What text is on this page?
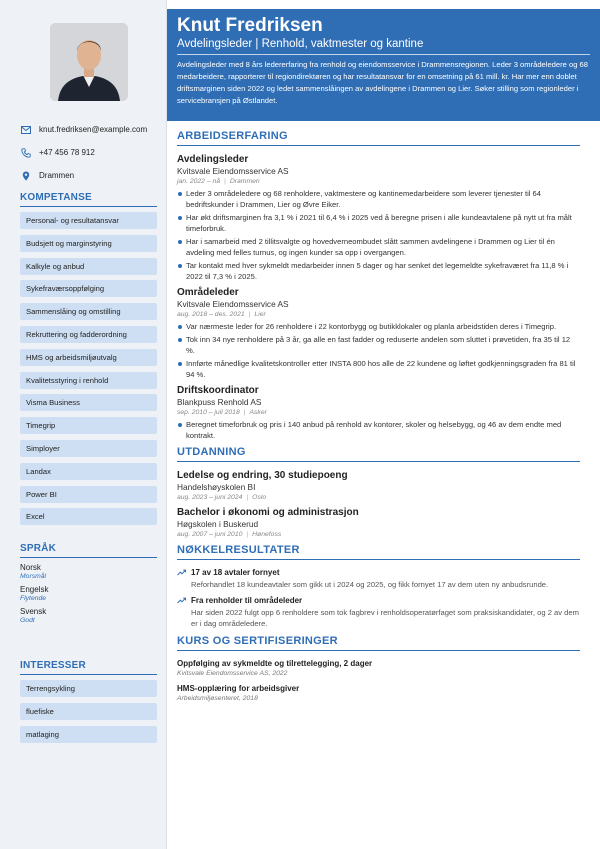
knut.fredriksen@example.com
+47 456 78 912
Drammen
KOMPETANSE
Personal- og resultatansvar
Budsjett og marginstyring
Kalkyle og anbud
Sykefraværsoppfølging
Sammenslåing og omstilling
Rekruttering og fadderordning
HMS og arbeidsmiljøutvalg
Kvalitetsstyring i renhold
Visma Business
Timegrip
Simployer
Landax
Power BI
Excel
SPRÅK
Norsk
Morsmål
Engelsk
Flytende
Svensk
Godt
INTERESSER
Terrengsykling
fluefiske
matlaging
Knut Fredriksen
Avdelingsleder | Renhold, vaktmester og kantine
Avdelingsleder med 8 års ledererfaring fra renhold og eiendomsservice i Drammensregionen. Leder 3 områdeledere og 68 medarbeidere, rapporterer til regiondirektøren og har resultatansvar for en omsetning på 61 mill. kr. Har mer enn doblet driftsmarginen siden 2022 og ledet sammenslåingen av avdelingene i Drammen og Lier. Søker stilling som regionleder i servicebransjen på Østlandet.
ARBEIDSERFARING
Avdelingsleder
Kvitsvale Eiendomsservice AS
jan. 2022 – nå | Drammen
Leder 3 områdeledere og 68 renholdere, vaktmestere og kantinemedarbeidere som leverer tjenester til 64 bedriftskunder i Drammen, Lier og Øvre Eiker.
Har økt driftsmarginen fra 3,1 % i 2021 til 6,4 % i 2025 ved å beregne prisen i alle kundeavtalene på nytt ut fra målt timeforbruk.
Har i samarbeid med 2 tillitsvalgte og hovedverneombudet slått sammen avdelingene i Drammen og Lier til én avdeling med felles turnus, og ingen kunder sa opp i overgangen.
Tar kontakt med hver sykmeldt medarbeider innen 5 dager og har senket det legemeldte sykefraværet fra 11,8 % i 2022 til 7,3 % i 2025.
Områdeleder
Kvitsvale Eiendomsservice AS
aug. 2018 – des. 2021 | Lier
Var nærmeste leder for 26 renholdere i 22 kontorbygg og butikklokaler og planla arbeidstiden deres i Timegrip.
Tok inn 34 nye renholdere på 3 år, ga alle en fast fadder og reduserte andelen som sluttet i prøvetiden, fra 35 til 12 %.
Innførte månedlige kvalitetskontroller etter INSTA 800 hos alle de 22 kundene og løftet godkjenningsgraden fra 81 til 94 %.
Driftskoordinator
Blankpuss Renhold AS
sep. 2010 – juli 2018 | Asker
Beregnet timeforbruk og pris i 140 anbud på renhold av kontorer, skoler og helsebygg, og 46 av dem endte med kontrakt.
UTDANNING
Ledelse og endring, 30 studiepoeng
Handelshøyskolen BI
aug. 2023 – juni 2024 | Oslo
Bachelor i økonomi og administrasjon
Høgskolen i Buskerud
aug. 2007 – juni 2010 | Hønefoss
NØKKELRESULTATER
17 av 18 avtaler fornyet
Reforhandlet 18 kundeavtaler som gikk ut i 2024 og 2025, og fikk fornyet 17 av dem uten ny anbudsrunde.
Fra renholder til områdeleder
Har siden 2022 fulgt opp 6 renholdere som tok fagbrev i renholdsoperatørfaget som praksiskandidater, og 2 av dem er i dag områdeledere.
KURS OG SERTIFISERINGER
Oppfølging av sykmeldte og tilrettelegging, 2 dager
Kvitsvale Eiendomsservice AS, 2022
HMS-opplæring for arbeidsgiver
Arbeidsmiljøsenteret, 2018
